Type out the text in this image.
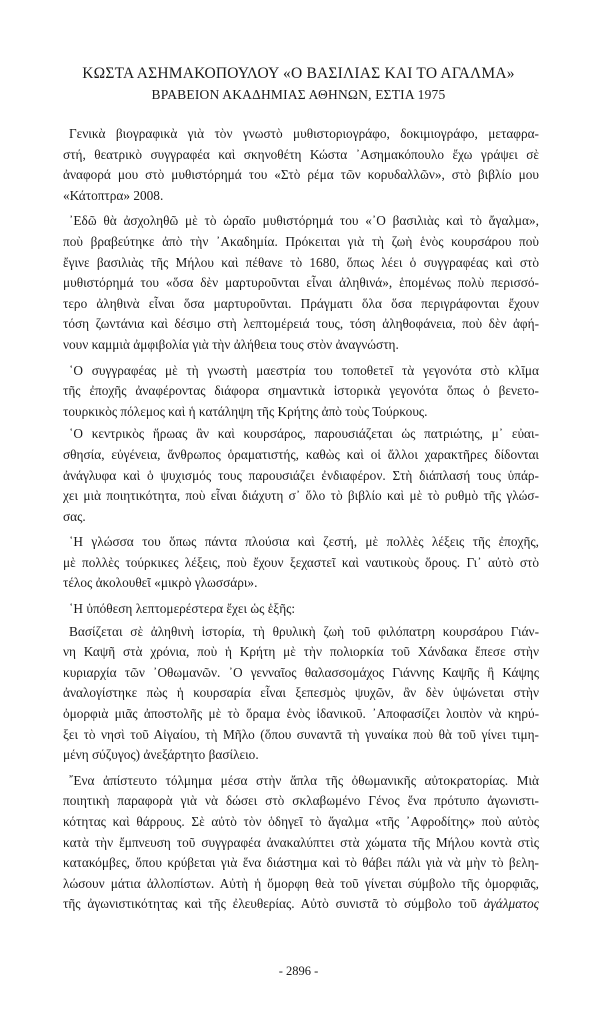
ΚΩΣΤΑ ΑΣΗΜΑΚΟΠΟΥΛΟΥ «Ο ΒΑΣΙΛΙΑΣ ΚΑΙ ΤΟ ΑΓΑΛΜΑ»
ΒΡΑΒΕΙΟΝ ΑΚΑΔΗΜΙΑΣ ΑΘΗΝΩΝ, ΕΣΤΙΑ 1975
Γενικὰ βιογραφικὰ γιὰ τὸν γνωστὸ μυθιστοριογράφο, δοκιμιογράφο, μεταφρα-
στή, θεατρικὸ συγγραφέα καὶ σκηνοθέτη Κώστα ᾽Ασημακόπουλο ἔχω γράψει σὲ
ἀναφορά μου στὸ μυθιστόρημά του «Στὸ ρέμα τῶν κορυδαλλῶν», στὸ βιβλίο μου
«Κάτοπτρα» 2008.
᾽Εδῶ θὰ ἀσχοληθῶ μὲ τὸ ὡραῖο μυθιστόρημά του «᾽Ο βασιλιὰς καὶ τὸ ἄγαλμα»,
ποὺ βραβεύτηκε ἀπὸ τὴν ᾽Ακαδημία. Πρόκειται γιὰ τὴ ζωὴ ἑνὸς κουρσάρου ποὺ
ἔγινε βασιλιὰς τῆς Μήλου καὶ πέθανε τὸ 1680, ὅπως λέει ὁ συγγραφέας καὶ στὸ
μυθιστόρημά του «ὅσα δὲν μαρτυροῦνται εἶναι ἀληθινά», ἑπομένως πολὺ περισσό-
τερο ἀληθινὰ εἶναι ὅσα μαρτυροῦνται. Πράγματι ὅλα ὅσα περιγράφονται ἔχουν
τόση ζωντάνια καὶ δέσιμο στὴ λεπτομέρειά τους, τόση ἀληθοφάνεια, ποὺ δὲν ἀφή-
νουν καμμιὰ ἀμφιβολία γιὰ τὴν ἀλήθεια τους στὸν ἀναγνώστη.
῾Ο συγγραφέας μὲ τὴ γνωστὴ μαεστρία του τοποθετεῖ τὰ γεγονότα στὸ κλῖμα
τῆς ἐποχῆς ἀναφέροντας διάφορα σημαντικὰ ἱστορικὰ γεγονότα ὅπως ὁ βενετο-
τουρκικὸς πόλεμος καὶ ἡ κατάληψη τῆς Κρήτης ἀπὸ τοὺς Τούρκους.
῾Ο κεντρικὸς ἥρωας ἂν καὶ κουρσάρος, παρουσιάζεται ὡς πατριώτης, μ᾽ εὐαι-
σθησία, εὐγένεια, ἄνθρωπος ὁραματιστής, καθὼς καὶ οἱ ἄλλοι χαρακτῆρες δίδονται
ἀνάγλυφα καὶ ὁ ψυχισμός τους παρουσιάζει ἐνδιαφέρον. Στὴ διάπλασή τους ὑπάρ-
χει μιὰ ποιητικότητα, ποὺ εἶναι διάχυτη σ᾽ ὅλο τὸ βιβλίο καὶ μὲ τὸ ρυθμὸ τῆς γλώσ-
σας.
῾Η γλώσσα του ὅπως πάντα πλούσια καὶ ζεστή, μὲ πολλὲς λέξεις τῆς ἐποχῆς,
μὲ πολλὲς τούρκικες λέξεις, ποὺ ἔχουν ξεχαστεῖ καὶ ναυτικοὺς ὅρους. Γι᾽ αὐτὸ στὸ
τέλος ἀκολουθεῖ «μικρὸ γλωσσάρι».
῾Η ὑπόθεση λεπτομερέστερα ἔχει ὡς ἑξῆς:
Βασίζεται σὲ ἀληθινὴ ἱστορία, τὴ θρυλικὴ ζωὴ τοῦ φιλόπατρη κουρσάρου Γιάν-
νη Καψῆ στὰ χρόνια, ποὺ ἡ Κρήτη μὲ τὴν πολιορκία τοῦ Χάνδακα ἔπεσε στὴν
κυριαρχία τῶν ᾽Οθωμανῶν. ᾽Ο γενναῖος θαλασσομάχος Γιάννης Καψῆς ἢ Κάψης
ἀναλογίστηκε πὼς ἡ κουρσαρία εἶναι ξεπεσμὸς ψυχῶν, ἂν δὲν ὑψώνεται στὴν
ὀμορφιὰ μιᾶς ἀποστολῆς μὲ τὸ ὅραμα ἑνὸς ἰδανικοῦ. ᾽Αποφασίζει λοιπὸν νὰ κηρύ-
ξει τὸ νησὶ τοῦ Αἰγαίου, τὴ Μῆλο (ὅπου συναντᾶ τὴ γυναίκα ποὺ θὰ τοῦ γίνει τιμη-
μένη σύζυγος) ἀνεξάρτητο βασίλειο.
῎Ενα ἀπίστευτο τόλμημα μέσα στὴν ἄπλα τῆς ὀθωμανικῆς αὐτοκρατορίας. Μιὰ
ποιητικὴ παραφορὰ γιὰ νὰ δώσει στὸ σκλαβωμένο Γένος ἕνα πρότυπο ἀγωνιστι-
κότητας καὶ θάρρους. Σὲ αὐτὸ τὸν ὁδηγεῖ τὸ ἄγαλμα «τῆς ᾽Αφροδίτης» ποὺ αὐτὸς
κατὰ τὴν ἔμπνευση τοῦ συγγραφέα ἀνακαλύπτει στὰ χώματα τῆς Μήλου κοντὰ στὶς
κατακόμβες, ὅπου κρύβεται γιὰ ἕνα διάστημα καὶ τὸ θάβει πάλι γιὰ νὰ μὴν τὸ βελη-
λώσουν μάτια ἀλλοπίστων. Αὐτὴ ἡ ὄμορφη θεὰ τοῦ γίνεται σύμβολο τῆς ὀμορφιᾶς,
τῆς ἀγωνιστικότητας καὶ τῆς ἐλευθερίας. Αὐτὸ συνιστᾶ τὸ σύμβολο τοῦ ἀγάλματος
- 2896 -
